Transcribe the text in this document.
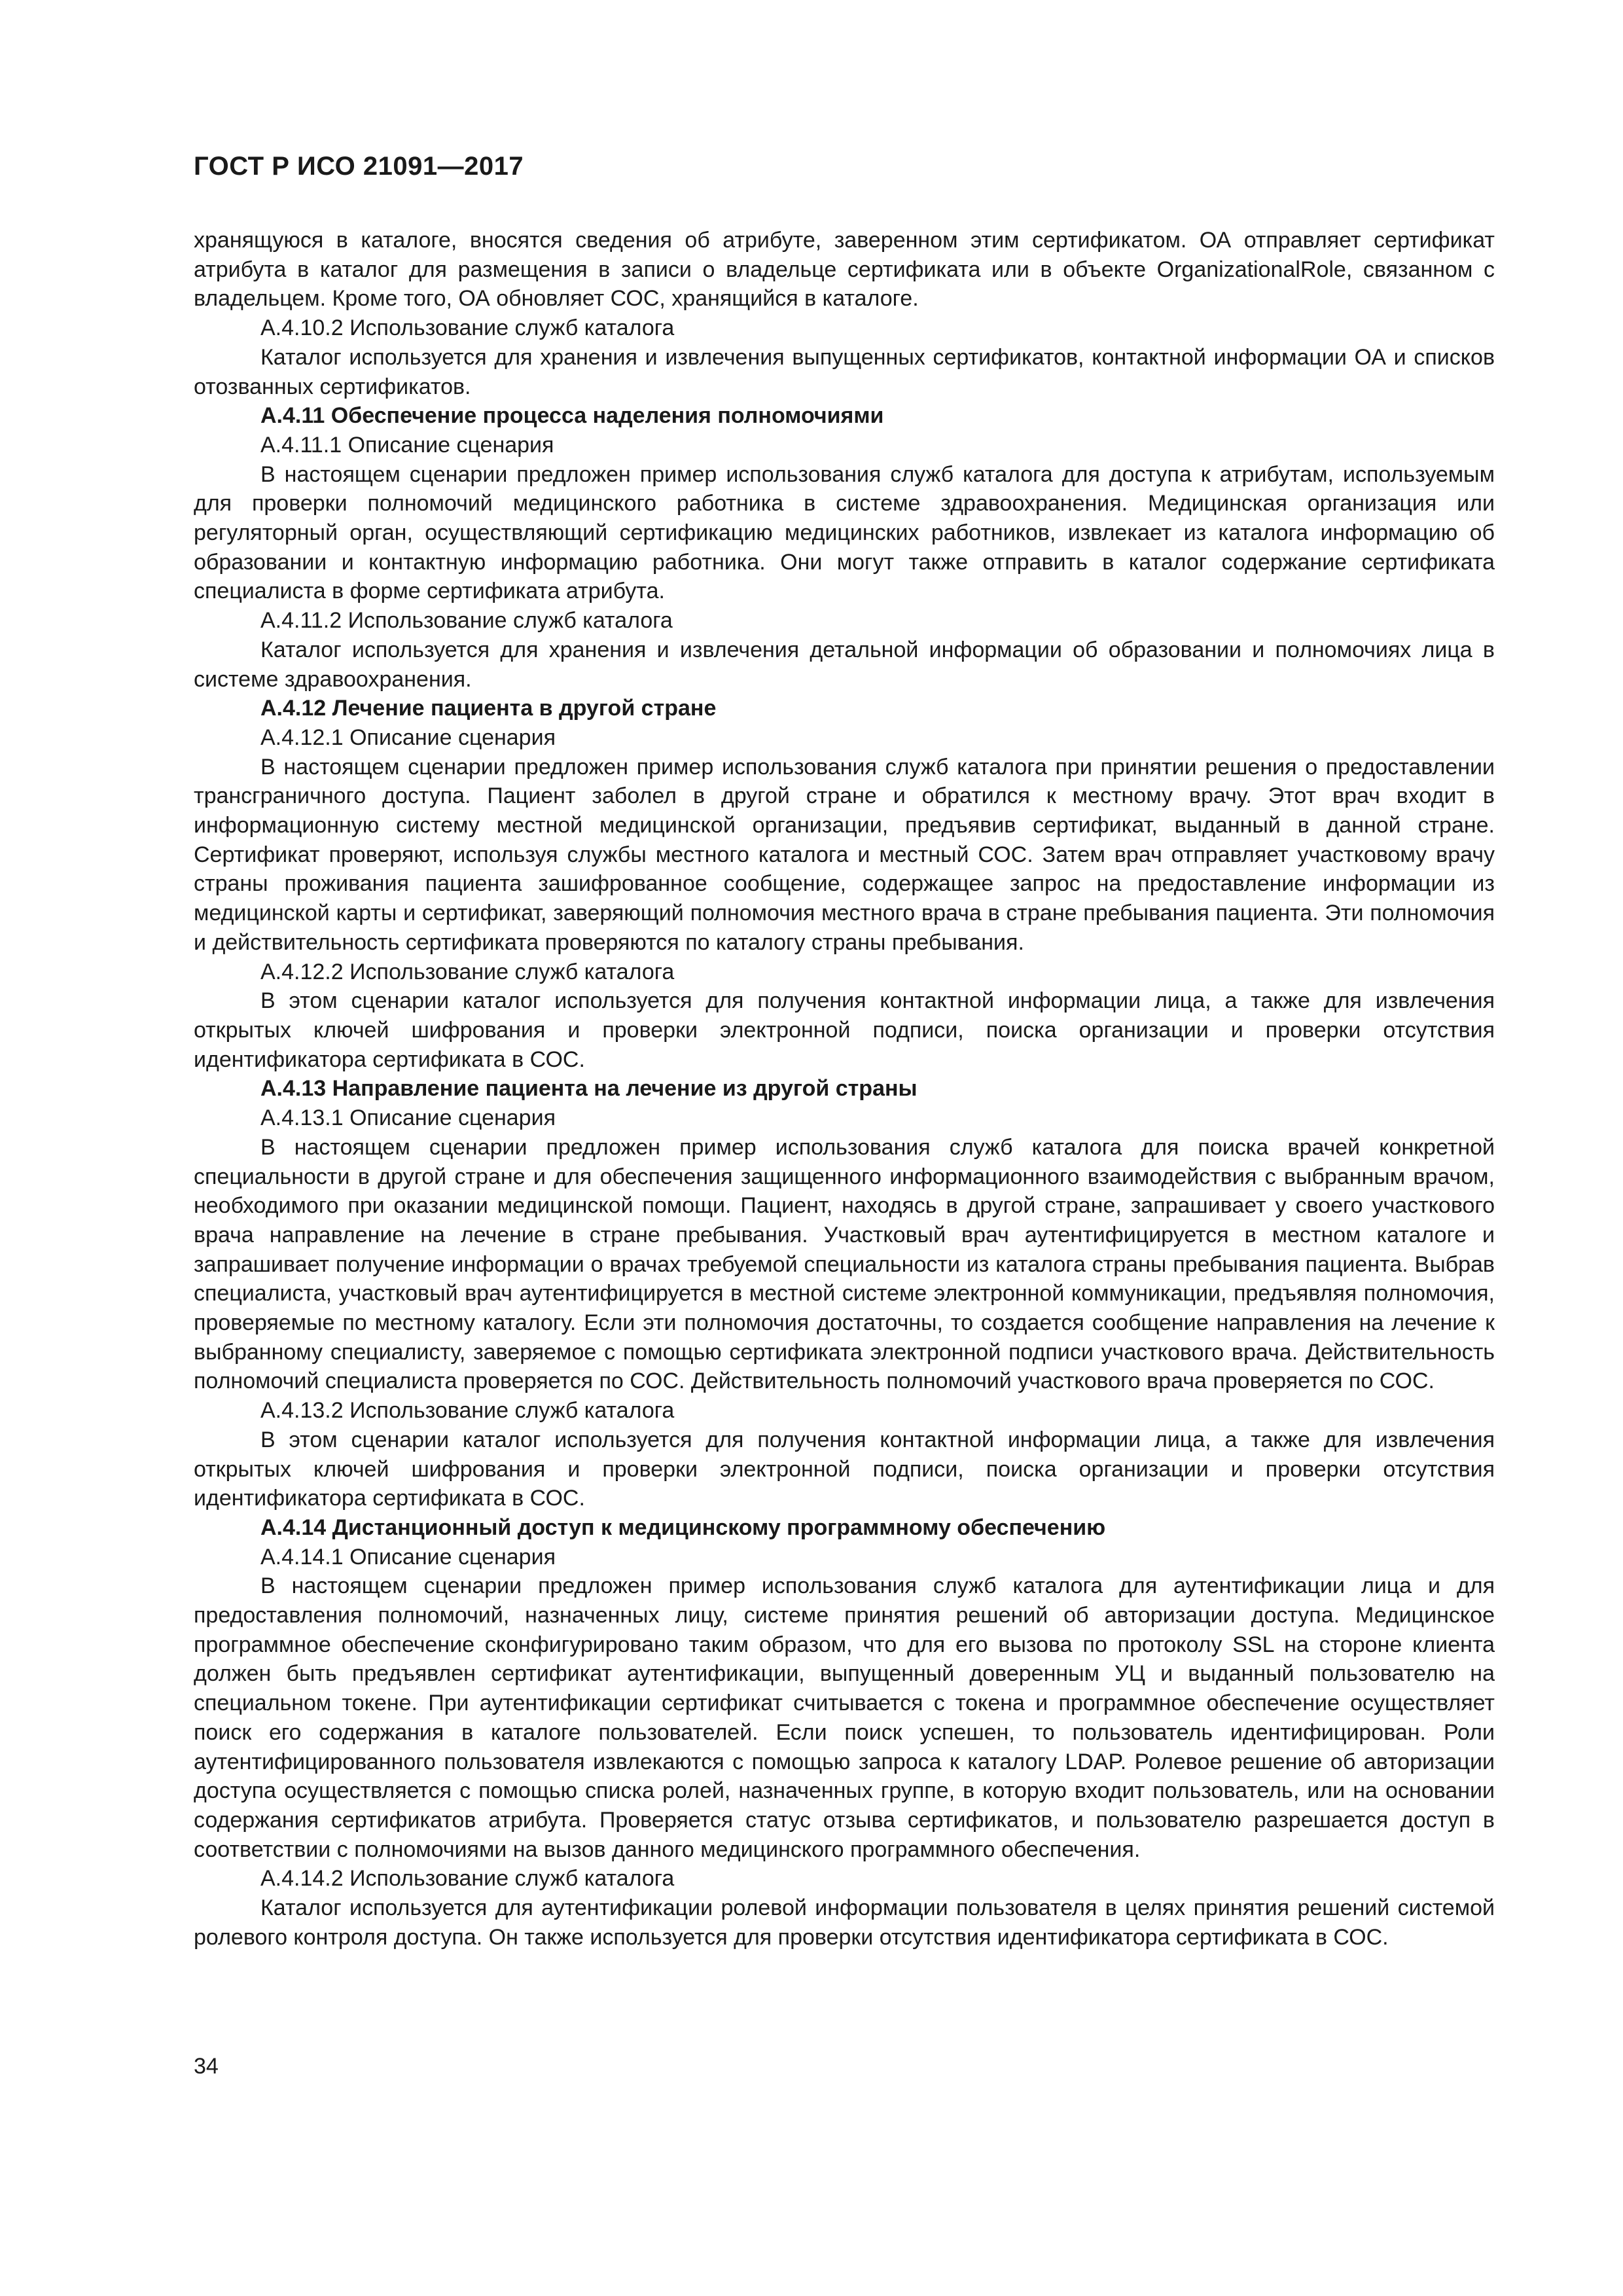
ГОСТ Р ИСО 21091—2017

хранящуюся в каталоге, вносятся сведения об атрибуте, заверенном этим сертификатом. ОА отправляет сертификат атрибута в каталог для размещения в записи о владельце сертификата или в объекте OrganizationalRole, связанном с владельцем. Кроме того, ОА обновляет СОС, хранящийся в каталоге.

А.4.10.2 Использование служб каталога

Каталог используется для хранения и извлечения выпущенных сертификатов, контактной информации ОА и списков отозванных сертификатов.

А.4.11 Обеспечение процесса наделения полномочиями

А.4.11.1 Описание сценария

В настоящем сценарии предложен пример использования служб каталога для доступа к атрибутам, используемым для проверки полномочий медицинского работника в системе здравоохранения. Медицинская организация или регуляторный орган, осуществляющий сертификацию медицинских работников, извлекает из каталога информацию об образовании и контактную информацию работника. Они могут также отправить в каталог содержание сертификата специалиста в форме сертификата атрибута.

А.4.11.2 Использование служб каталога

Каталог используется для хранения и извлечения детальной информации об образовании и полномочиях лица в системе здравоохранения.

А.4.12 Лечение пациента в другой стране

А.4.12.1 Описание сценария

В настоящем сценарии предложен пример использования служб каталога при принятии решения о предоставлении трансграничного доступа. Пациент заболел в другой стране и обратился к местному врачу. Этот врач входит в информационную систему местной медицинской организации, предъявив сертификат, выданный в данной стране. Сертификат проверяют, используя службы местного каталога и местный СОС. Затем врач отправляет участковому врачу страны проживания пациента зашифрованное сообщение, содержащее запрос на предоставление информации из медицинской карты и сертификат, заверяющий полномочия местного врача в стране пребывания пациента. Эти полномочия и действительность сертификата проверяются по каталогу страны пребывания.

А.4.12.2 Использование служб каталога

В этом сценарии каталог используется для получения контактной информации лица, а также для извлечения открытых ключей шифрования и проверки электронной подписи, поиска организации и проверки отсутствия идентификатора сертификата в СОС.

А.4.13 Направление пациента на лечение из другой страны

А.4.13.1 Описание сценария

В настоящем сценарии предложен пример использования служб каталога для поиска врачей конкретной специальности в другой стране и для обеспечения защищенного информационного взаимодействия с выбранным врачом, необходимого при оказании медицинской помощи. Пациент, находясь в другой стране, запрашивает у своего участкового врача направление на лечение в стране пребывания. Участковый врач аутентифицируется в местном каталоге и запрашивает получение информации о врачах требуемой специальности из каталога страны пребывания пациента. Выбрав специалиста, участковый врач аутентифицируется в местной системе электронной коммуникации, предъявляя полномочия, проверяемые по местному каталогу. Если эти полномочия достаточны, то создается сообщение направления на лечение к выбранному специалисту, заверяемое с помощью сертификата электронной подписи участкового врача. Действительность полномочий специалиста проверяется по СОС. Действительность полномочий участкового врача проверяется по СОС.

А.4.13.2 Использование служб каталога

В этом сценарии каталог используется для получения контактной информации лица, а также для извлечения открытых ключей шифрования и проверки электронной подписи, поиска организации и проверки отсутствия идентификатора сертификата в СОС.

А.4.14 Дистанционный доступ к медицинскому программному обеспечению

А.4.14.1 Описание сценария

В настоящем сценарии предложен пример использования служб каталога для аутентификации лица и для предоставления полномочий, назначенных лицу, системе принятия решений об авторизации доступа. Медицинское программное обеспечение сконфигурировано таким образом, что для его вызова по протоколу SSL на стороне клиента должен быть предъявлен сертификат аутентификации, выпущенный доверенным УЦ и выданный пользователю на специальном токене. При аутентификации сертификат считывается с токена и программное обеспечение осуществляет поиск его содержания в каталоге пользователей. Если поиск успешен, то пользователь идентифицирован. Роли аутентифицированного пользователя извлекаются с помощью запроса к каталогу LDAP. Ролевое решение об авторизации доступа осуществляется с помощью списка ролей, назначенных группе, в которую входит пользователь, или на основании содержания сертификатов атрибута. Проверяется статус отзыва сертификатов, и пользователю разрешается доступ в соответствии с полномочиями на вызов данного медицинского программного обеспечения.

А.4.14.2 Использование служб каталога

Каталог используется для аутентификации ролевой информации пользователя в целях принятия решений системой ролевого контроля доступа. Он также используется для проверки отсутствия идентификатора сертификата в СОС.

34
